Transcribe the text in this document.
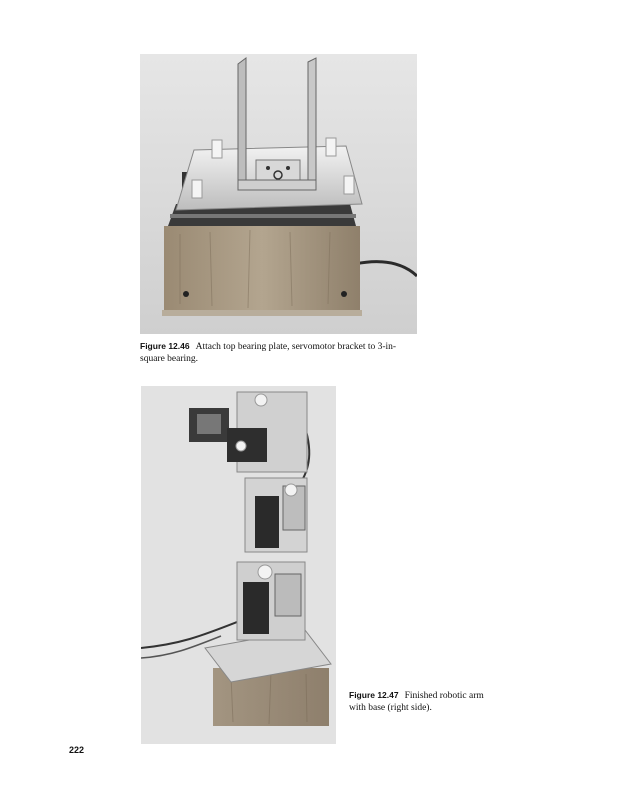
Figure 12.46 Attach top bearing plate, servomotor bracket to 3-in-square bearing.
Figure 12.47 Finished robotic arm with base (right side).
222
